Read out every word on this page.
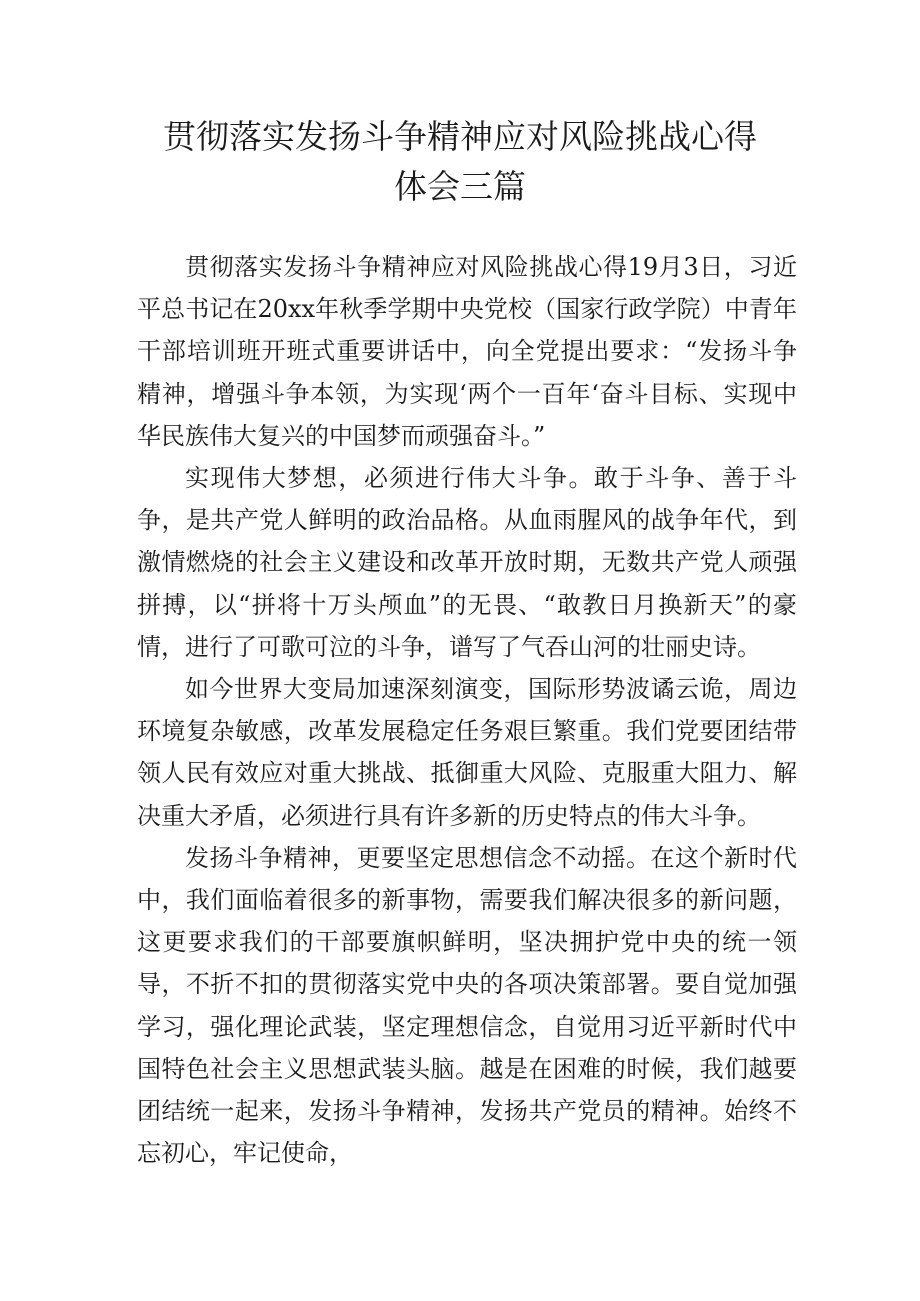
贯彻落实发扬斗争精神应对风险挑战心得
体会三篇

贯彻落实发扬斗争精神应对风险挑战心得19月3日，习近平总书记在20xx年秋季学期中央党校（国家行政学院）中青年干部培训班开班式重要讲话中，向全党提出要求：“发扬斗争精神，增强斗争本领，为实现‘两个一百年‘奋斗目标、实现中华民族伟大复兴的中国梦而顽强奋斗。”

实现伟大梦想，必须进行伟大斗争。敢于斗争、善于斗争，是共产党人鲜明的政治品格。从血雨腥风的战争年代，到激情燃烧的社会主义建设和改革开放时期，无数共产党人顽强拼搏，以“拼将十万头颅血”的无畏、“敢教日月换新天”的豪情，进行了可歌可泣的斗争，谱写了气吞山河的壮丽史诗。

如今世界大变局加速深刻演变，国际形势波谲云诡，周边环境复杂敏感，改革发展稳定任务艰巨繁重。我们党要团结带领人民有效应对重大挑战、抵御重大风险、克服重大阻力、解决重大矛盾，必须进行具有许多新的历史特点的伟大斗争。

发扬斗争精神，更要坚定思想信念不动摇。在这个新时代中，我们面临着很多的新事物，需要我们解决很多的新问题，这更要求我们的干部要旗帜鲜明，坚决拥护党中央的统一领导，不折不扣的贯彻落实党中央的各项决策部署。要自觉加强学习，强化理论武装，坚定理想信念，自觉用习近平新时代中国特色社会主义思想武装头脑。越是在困难的时候，我们越要团结统一起来，发扬斗争精神，发扬共产党员的精神。始终不忘初心，牢记使命，
